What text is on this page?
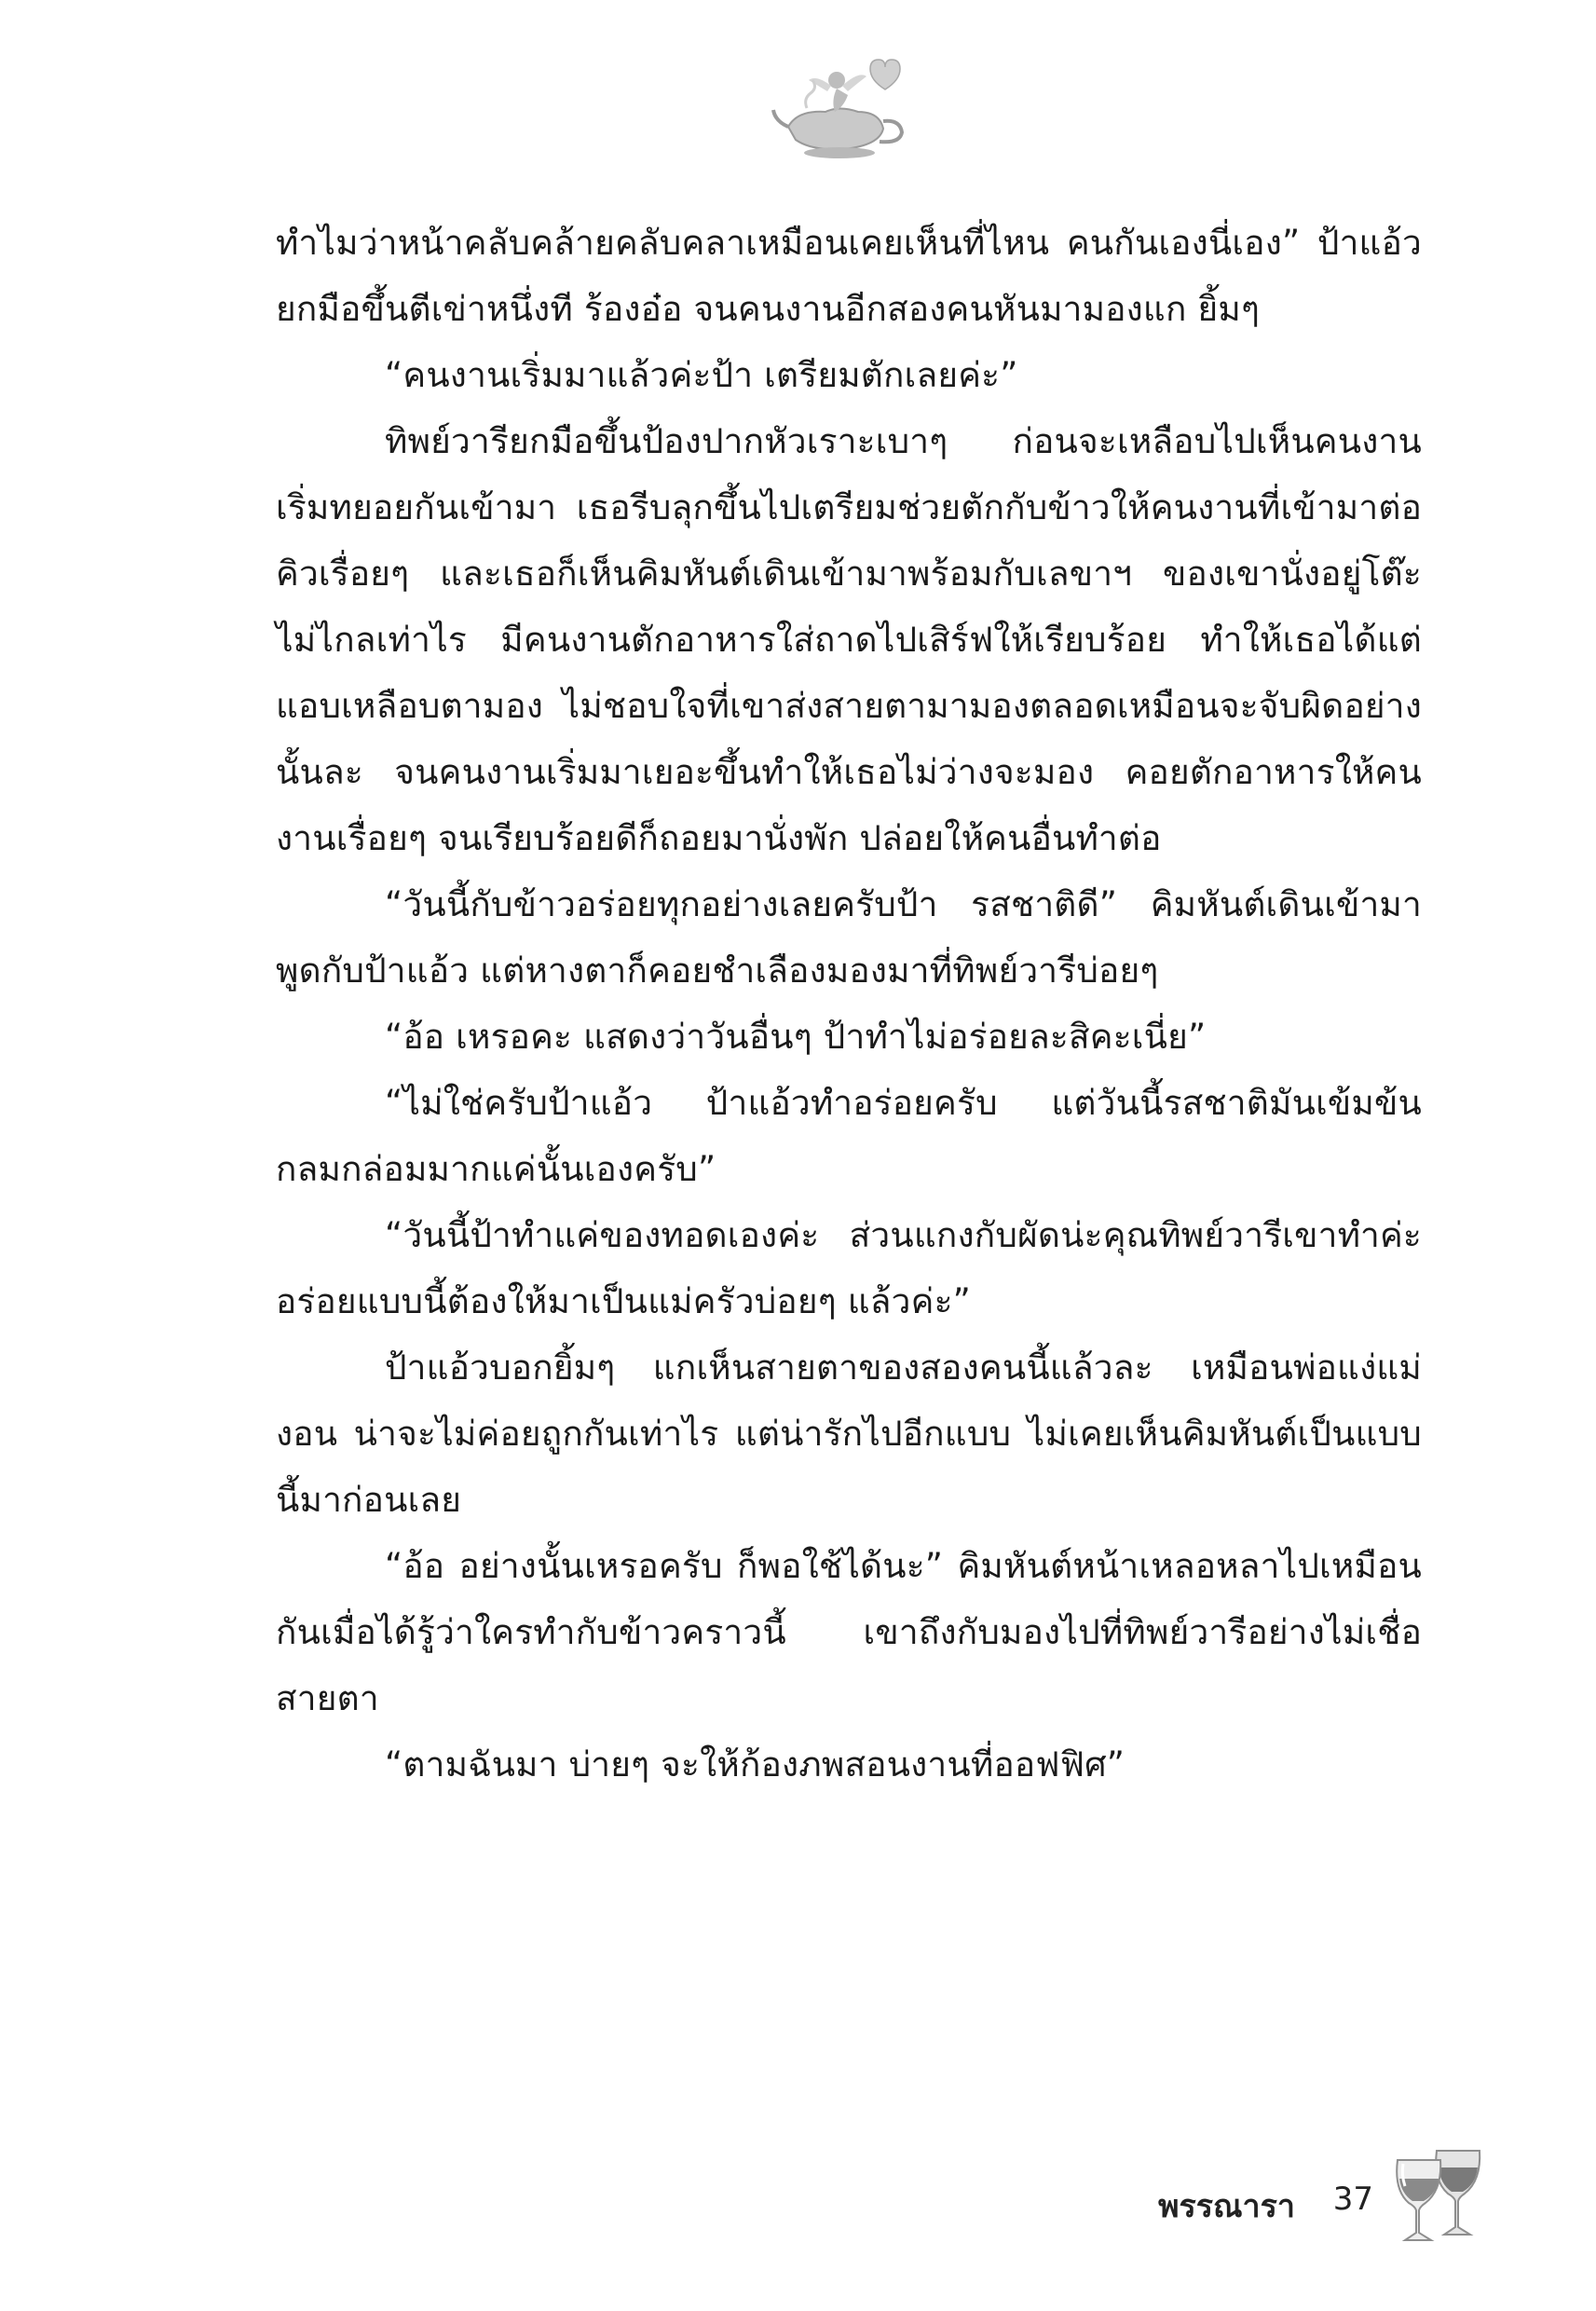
ทำไมว่าหน้าคลับคล้ายคลับคลาเหมือนเคยเห็นที่ไหน คนกันเองนี่เอง” ป้าแอ้วยกมือขึ้นตีเข่าหนึ่งที ร้องอ๋อ จนคนงานอีกสองคนหันมามองแก ยิ้มๆ

“คนงานเริ่มมาแล้วค่ะป้า เตรียมตักเลยค่ะ”

ทิพย์วารียกมือขึ้นป้องปากหัวเราะเบาๆ ก่อนจะเหลือบไปเห็นคนงานเริ่มทยอยกันเข้ามา เธอรีบลุกขึ้นไปเตรียมช่วยตักกับข้าวให้คนงานที่เข้ามาต่อคิวเรื่อยๆ และเธอก็เห็นคิมหันต์เดินเข้ามาพร้อมกับเลขาฯ ของเขานั่งอยู่โต๊ะไม่ไกลเท่าไร มีคนงานตักอาหารใส่ถาดไปเสิร์ฟให้เรียบร้อย ทำให้เธอได้แต่แอบเหลือบตามอง ไม่ชอบใจที่เขาส่งสายตามามองตลอดเหมือนจะจับผิดอย่างนั้นละ จนคนงานเริ่มมาเยอะขึ้นทำให้เธอไม่ว่างจะมอง คอยตักอาหารให้คนงานเรื่อยๆ จนเรียบร้อยดีก็ถอยมานั่งพัก ปล่อยให้คนอื่นทำต่อ

“วันนี้กับข้าวอร่อยทุกอย่างเลยครับป้า รสชาติดี” คิมหันต์เดินเข้ามาพูดกับป้าแอ้ว แต่หางตาก็คอยชำเลืองมองมาที่ทิพย์วารีบ่อยๆ

“อ้อ เหรอคะ แสดงว่าวันอื่นๆ ป้าทำไม่อร่อยละสิคะเนี่ย”

“ไม่ใช่ครับป้าแอ้ว ป้าแอ้วทำอร่อยครับ แต่วันนี้รสชาติมันเข้มข้นกลมกล่อมมากแค่นั้นเองครับ”

“วันนี้ป้าทำแค่ของทอดเองค่ะ ส่วนแกงกับผัดน่ะคุณทิพย์วารีเขาทำค่ะ อร่อยแบบนี้ต้องให้มาเป็นแม่ครัวบ่อยๆ แล้วค่ะ”

ป้าแอ้วบอกยิ้มๆ แกเห็นสายตาของสองคนนี้แล้วละ เหมือนพ่อแง่แม่งอน น่าจะไม่ค่อยถูกกันเท่าไร แต่น่ารักไปอีกแบบ ไม่เคยเห็นคิมหันต์เป็นแบบนี้มาก่อนเลย

“อ้อ อย่างนั้นเหรอครับ ก็พอใช้ได้นะ” คิมหันต์หน้าเหลอหลาไปเหมือนกันเมื่อได้รู้ว่าใครทำกับข้าวคราวนี้ เขาถึงกับมองไปที่ทิพย์วารีอย่างไม่เชื่อสายตา

“ตามฉันมา บ่ายๆ จะให้ก้องภพสอนงานที่ออฟฟิศ”

พรรณารา 37
